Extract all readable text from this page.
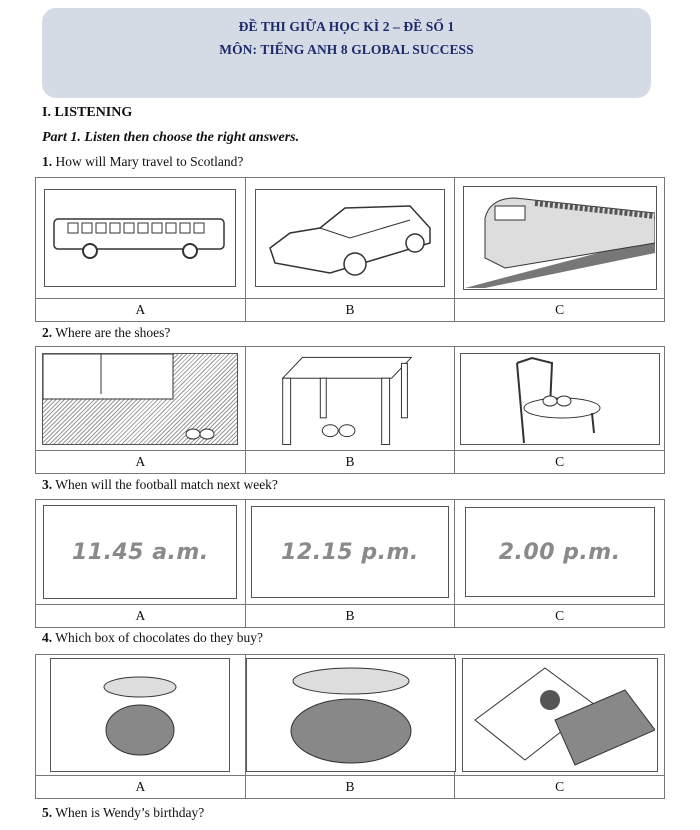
ĐỀ THI GIỮA HỌC KÌ 2 – ĐỀ SỐ 1
MÔN: TIẾNG ANH 8 GLOBAL SUCCESS
I. LISTENING
Part 1. Listen then choose the right answers.
1. How will Mary travel to Scotland?

A	B	C
2. Where are the shoes?

A	B	C
3. When will the football match next week?
11.45 a.m.	12.15 p.m.	2.00 p.m.

A	B	C
4. Which box of chocolates do they buy?

A	B	C
5. When is Wendy’s birthday?
